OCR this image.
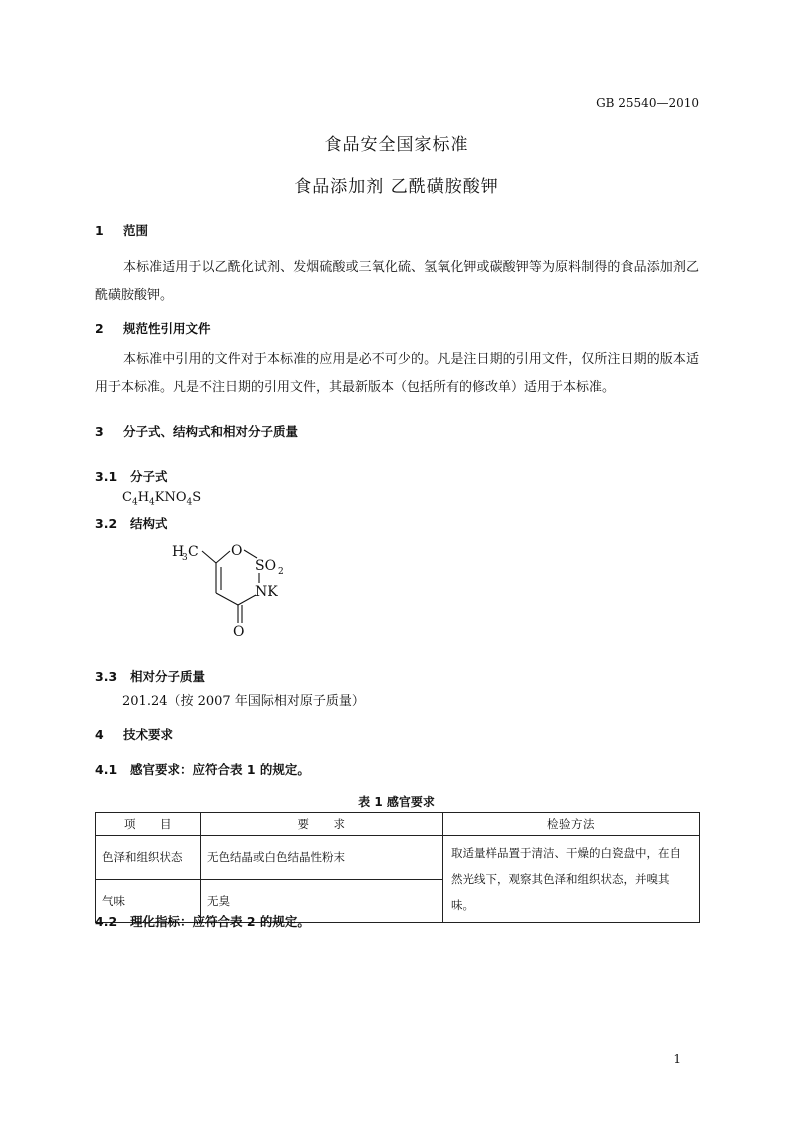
GB 25540—2010
食品安全国家标准
食品添加剂 乙酰磺胺酸钾
1 范围
本标准适用于以乙酰化试剂、发烟硫酸或三氧化硫、氢氧化钾或碳酸钾等为原料制得的食品添加剂乙酰磺胺酸钾。
2 规范性引用文件
本标准中引用的文件对于本标准的应用是必不可少的。凡是注日期的引用文件，仅所注日期的版本适用于本标准。凡是不注日期的引用文件，其最新版本（包括所有的修改单）适用于本标准。
3 分子式、结构式和相对分子质量
3.1 分子式
$C_4H_4KNO_4S$
3.2 结构式
H
3 C O
SO 2
NK
O
3.3 相对分子质量
201.24（按 2007 年国际相对原子质量）
4 技术要求
4.1 感官要求：应符合表 1 的规定。
表 1 感官要求
项　　目	要　　求	检验方法
色泽和组织状态	无色结晶或白色结晶性粉末	取适量样品置于清洁、干燥的白瓷盘中，在自然光线下，观察其色泽和组织状态，并嗅其味。
气味	无臭	
4.2 理化指标：应符合表 2 的规定。
1
